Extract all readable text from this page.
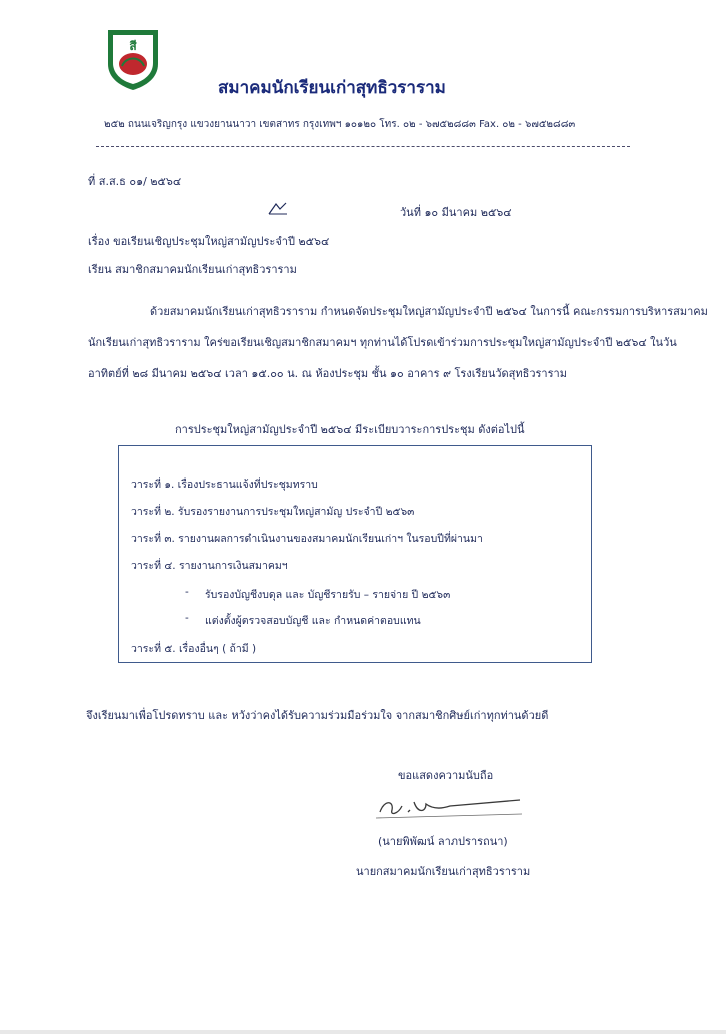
สี
สมาคมนักเรียนเก่าสุทธิวราราม
๒๕๒ ถนนเจริญกรุง แขวงยานนาวา เขตสาทร กรุงเทพฯ ๑๐๑๒๐ โทร. ๐๒ - ๖๗๕๒๘๘๓ Fax. ๐๒ - ๖๗๕๒๘๘๓
ที่ ส.ส.ธ ๐๑/ ๒๕๖๔
วันที่ ๑๐ มีนาคม ๒๕๖๔
เรื่อง ขอเรียนเชิญประชุมใหญ่สามัญประจำปี ๒๕๖๔
เรียน สมาชิกสมาคมนักเรียนเก่าสุทธิวราราม

ด้วยสมาคมนักเรียนเก่าสุทธิวราราม กำหนดจัดประชุมใหญ่สามัญประจำปี ๒๕๖๔ ในการนี้ คณะกรรมการบริหารสมาคมนักเรียนเก่าสุทธิวราราม ใคร่ขอเรียนเชิญสมาชิกสมาคมฯ ทุกท่านได้โปรดเข้าร่วมการประชุมใหญ่สามัญประจำปี ๒๕๖๔ ในวันอาทิตย์ที่ ๒๘ มีนาคม ๒๕๖๔ เวลา ๑๕.๐๐ น. ณ ห้องประชุม ชั้น ๑๐ อาคาร ๙ โรงเรียนวัดสุทธิวราราม

การประชุมใหญ่สามัญประจำปี ๒๕๖๔ มีระเบียบวาระการประชุม ดังต่อไปนี้
วาระที่ ๑. เรื่องประธานแจ้งที่ประชุมทราบ
วาระที่ ๒. รับรองรายงานการประชุมใหญ่สามัญ ประจำปี ๒๕๖๓
วาระที่ ๓. รายงานผลการดำเนินงานของสมาคมนักเรียนเก่าฯ ในรอบปีที่ผ่านมา
วาระที่ ๔. รายงานการเงินสมาคมฯ
- รับรองบัญชีงบดุล และ บัญชีรายรับ – รายจ่าย ปี ๒๕๖๓
- แต่งตั้งผู้ตรวจสอบบัญชี และ กำหนดค่าตอบแทน
วาระที่ ๕. เรื่องอื่นๆ ( ถ้ามี )
จึงเรียนมาเพื่อโปรดทราบ และ หวังว่าคงได้รับความร่วมมือร่วมใจ จากสมาชิกศิษย์เก่าทุกท่านด้วยดี
ขอแสดงความนับถือ
(นายพิพัฒน์ ลาภปรารถนา)
นายกสมาคมนักเรียนเก่าสุทธิวราราม
